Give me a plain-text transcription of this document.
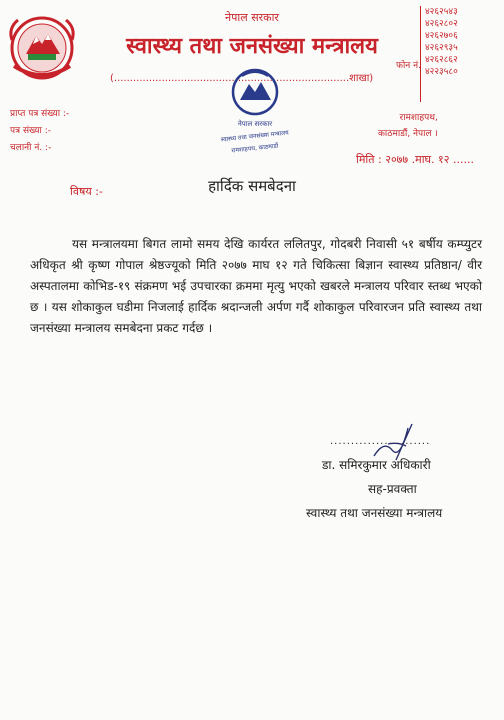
नेपाल सरकार
स्वास्थ्य तथा जनसंख्या मन्त्रालय
(..........................................................................शाखा)
फोन नं.
४२६२५४३
४२६२८०२
४२६२७०६
४२६२९३५
४२६२८६२
४२२३५८०
प्राप्त पत्र संख्या :-
पत्र संख्या :-
चलानी नं. :-
नेपाल सरकार
स्वास्थ्य तथा जनसंख्या मन्त्रालय
रामशाहपथ, काठमाडौं
रामशाहपथ,
काठमाडौं, नेपाल ।
मिति : २०७७ .माघ. १२ ......
विषय :-	हार्दिक समबेदना
यस मन्त्रालयमा बिगत लामो समय देखि कार्यरत ललितपुर, गोदबरी निवासी ५१ बर्षीय कम्प्युटर अधिकृत श्री कृष्ण गोपाल श्रेष्ठज्यूको मिति २०७७ माघ १२ गते चिकित्सा बिज्ञान स्वास्थ्य प्रतिष्ठान/ वीर अस्पतालमा कोभिड-१९ संक्रमण भई उपचारका क्रममा मृत्यु भएको खबरले मन्त्रालय परिवार स्तब्ध भएको छ । यस शोकाकुल घडीमा निजलाई हार्दिक श्रदान्जली अर्पण गर्दै शोकाकुल परिवारजन प्रति स्वास्थ्य तथा जनसंख्या मन्त्रालय समबेदना प्रकट गर्दछ ।
........................
डा. समिरकुमार अधिकारी
सह-प्रवक्ता
स्वास्थ्य तथा जनसंख्या मन्त्रालय
